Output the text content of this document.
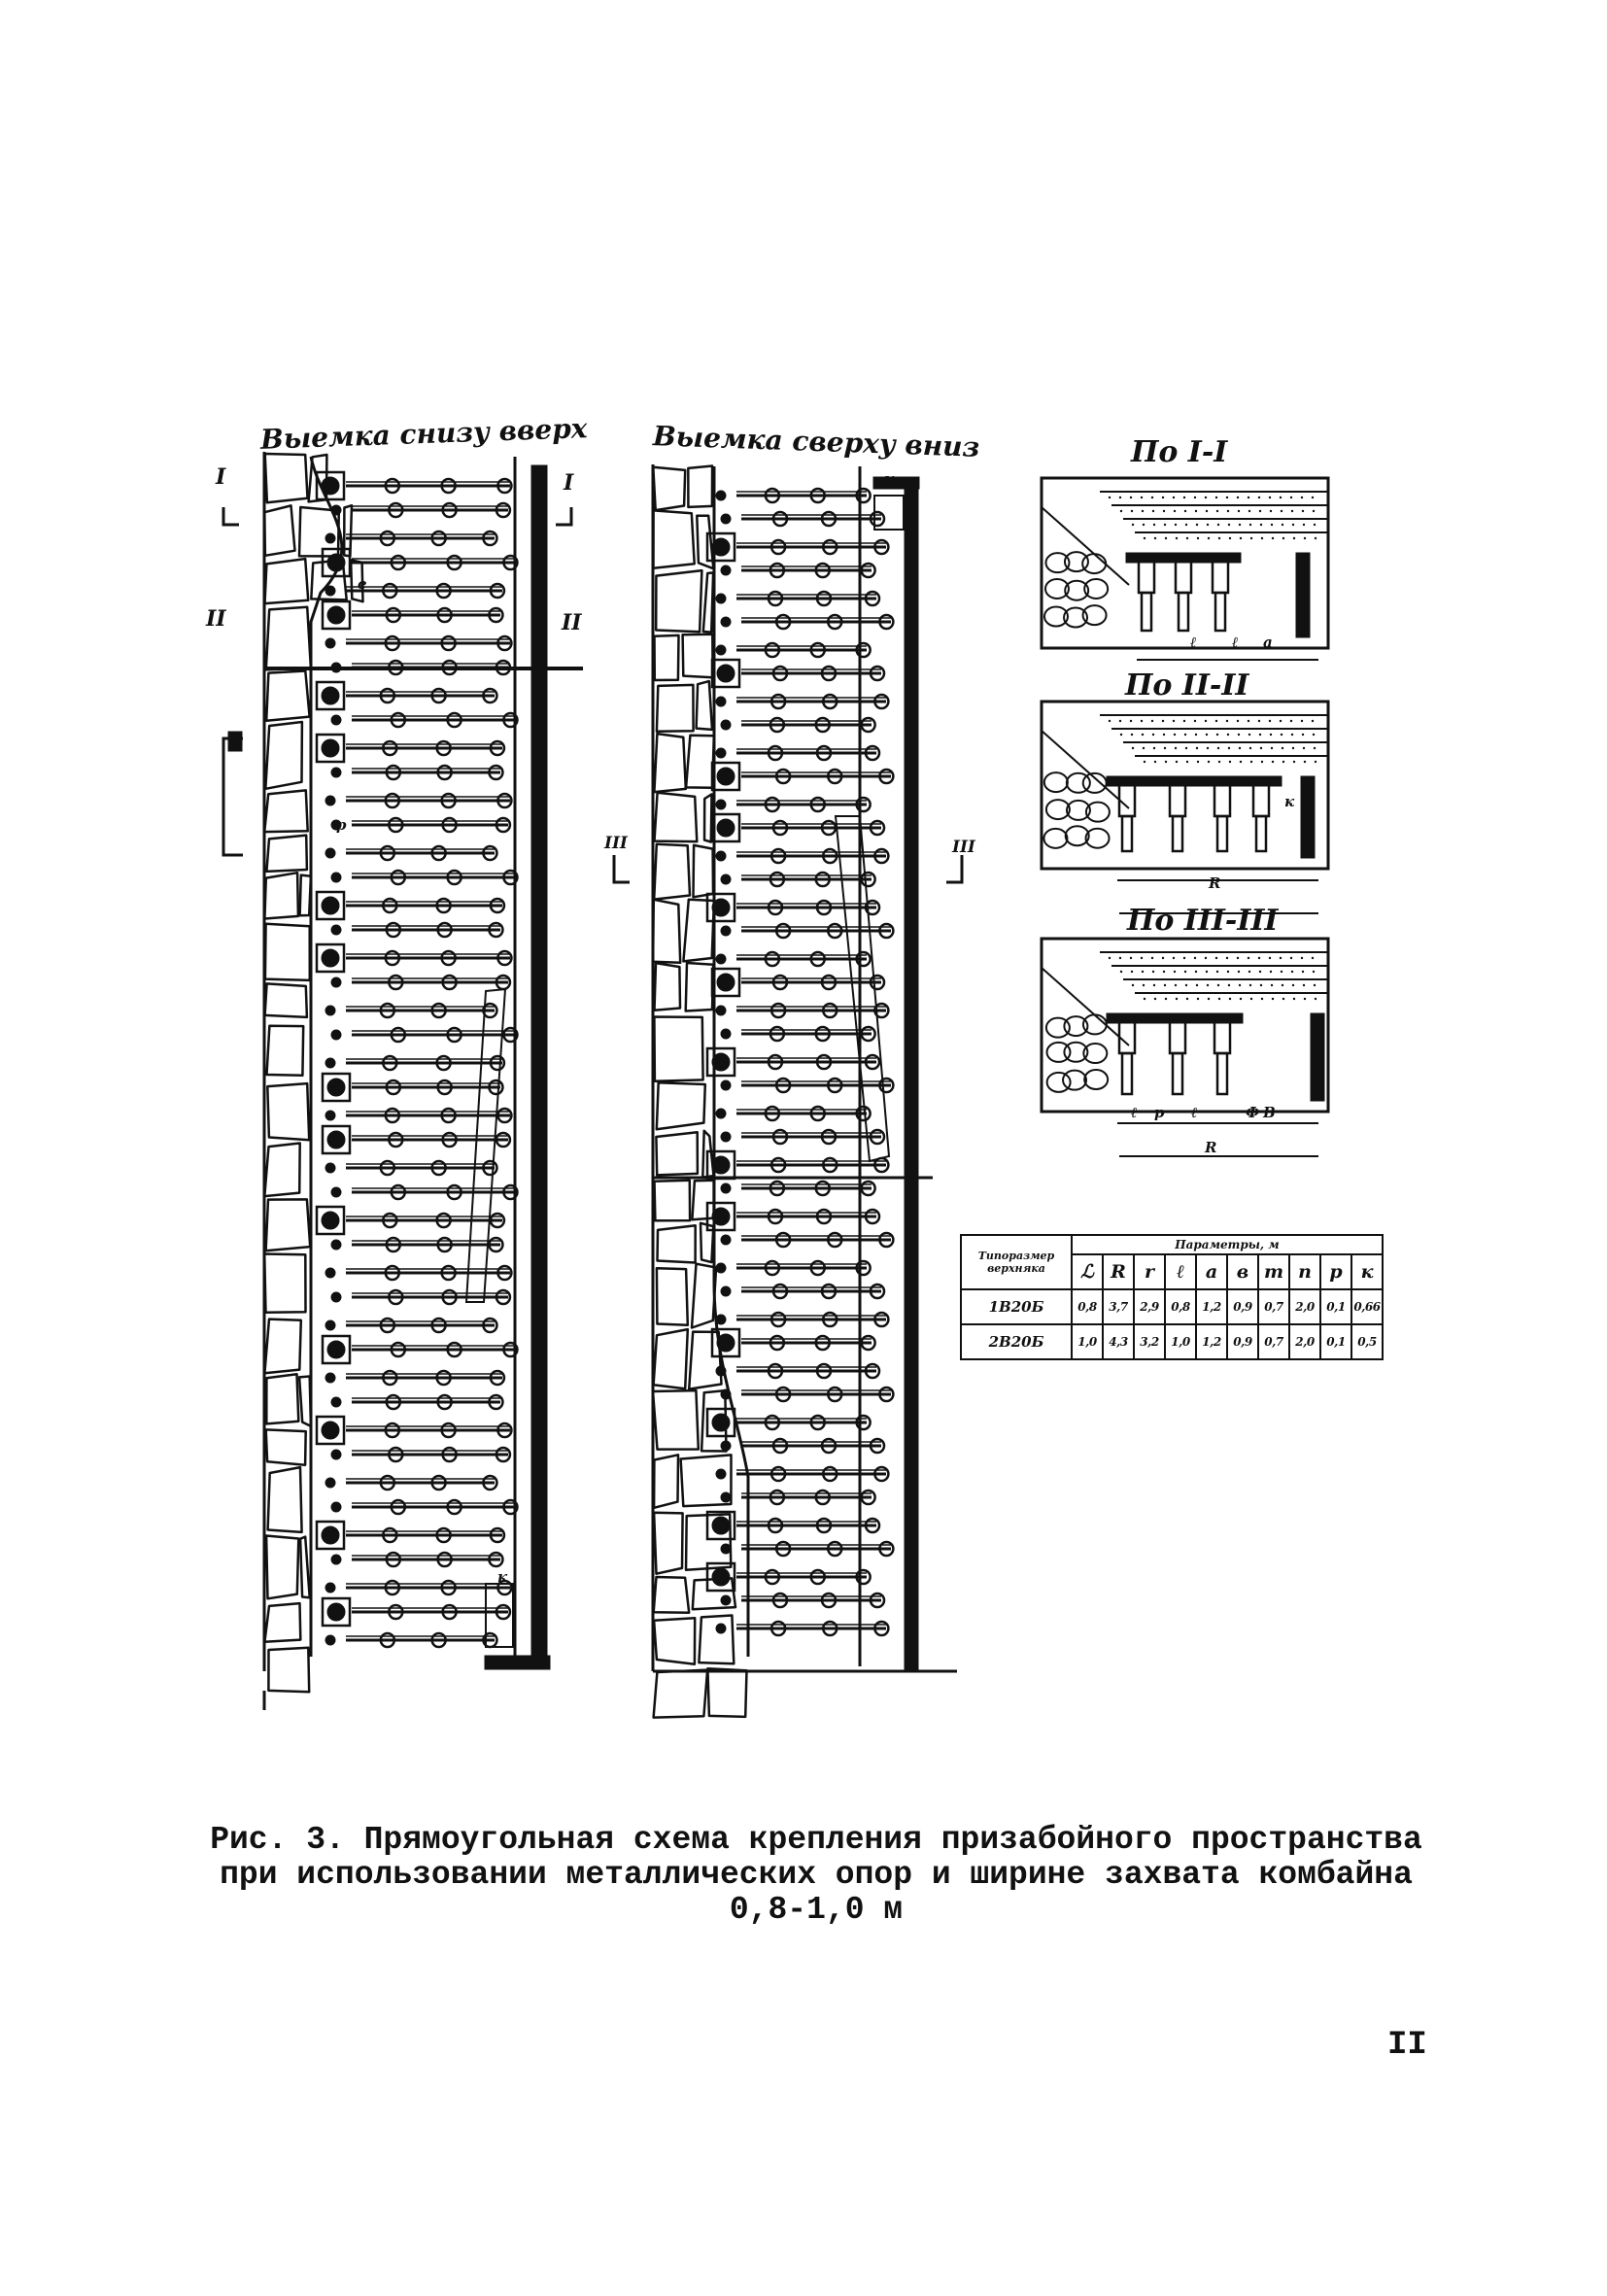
Выемка снизу вверх
I	I
II	II
е
р
к
Выемка сверху вниз
III	III
к
По I-I
По II-II
По III-III
ℓ ℓ а
к
R
ℓ р ℓ	Ф В
R
Типоразмер верхняка	Параметры, м									
	ℒ	R	r	ℓ	a	в	m	n	р	к
1В20Б	0,8	3,7	2,9	0,8	1,2	0,9	0,7	2,0	0,1	0,66
2В20Б	1,0	4,3	3,2	1,0	1,2	0,9	0,7	2,0	0,1	0,5
Рис. 3. Прямоугольная схема крепления призабойного пространства
при использовании металлических опор и ширине захвата комбайна 0,8-1,0 м
II
